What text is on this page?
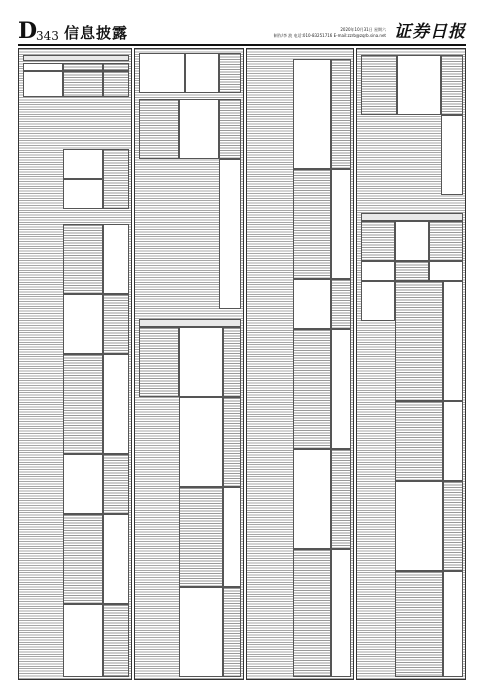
D
343 信息披露	2020年10月31日 星期六
制作/李 波 电话:010-83251716 E-mail:zzrb@zqrb.sina.net 证券日报
